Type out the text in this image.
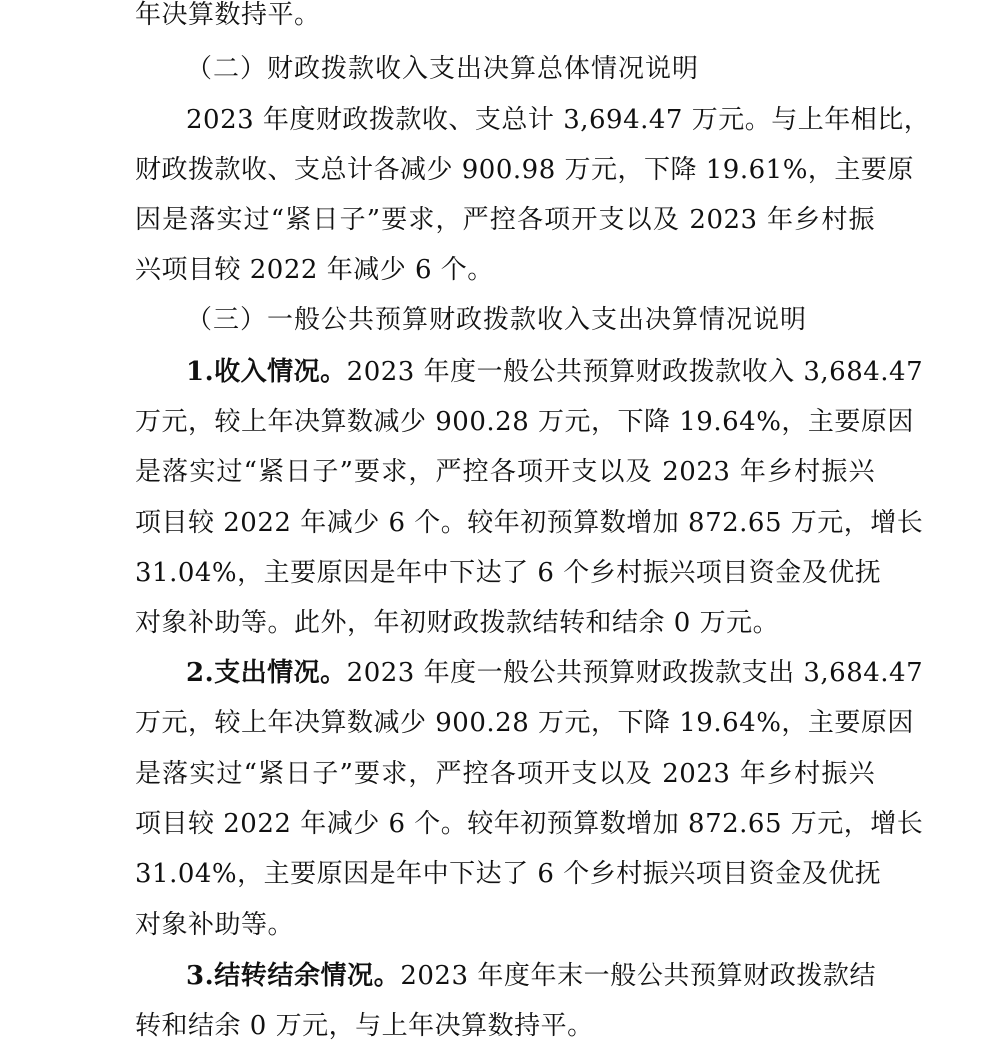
年决算数持平。
（二）财政拨款收入支出决算总体情况说明
2023 年度财政拨款收、支总计 3,694.47 万元。与上年相比，
财政拨款收、支总计各减少 900.98 万元，下降 19.61%，主要原
因是落实过“紧日子”要求，严控各项开支以及 2023 年乡村振
兴项目较 2022 年减少 6 个。
（三）一般公共预算财政拨款收入支出决算情况说明
1.收入情况。2023 年度一般公共预算财政拨款收入 3,684.47
万元，较上年决算数减少 900.28 万元，下降 19.64%，主要原因
是落实过“紧日子”要求，严控各项开支以及 2023 年乡村振兴
项目较 2022 年减少 6 个。较年初预算数增加 872.65 万元，增长
31.04%，主要原因是年中下达了 6 个乡村振兴项目资金及优抚
对象补助等。此外，年初财政拨款结转和结余 0 万元。
2.支出情况。2023 年度一般公共预算财政拨款支出 3,684.47
万元，较上年决算数减少 900.28 万元，下降 19.64%，主要原因
是落实过“紧日子”要求，严控各项开支以及 2023 年乡村振兴
项目较 2022 年减少 6 个。较年初预算数增加 872.65 万元，增长
31.04%，主要原因是年中下达了 6 个乡村振兴项目资金及优抚
对象补助等。
3.结转结余情况。2023 年度年末一般公共预算财政拨款结
转和结余 0 万元，与上年决算数持平。
